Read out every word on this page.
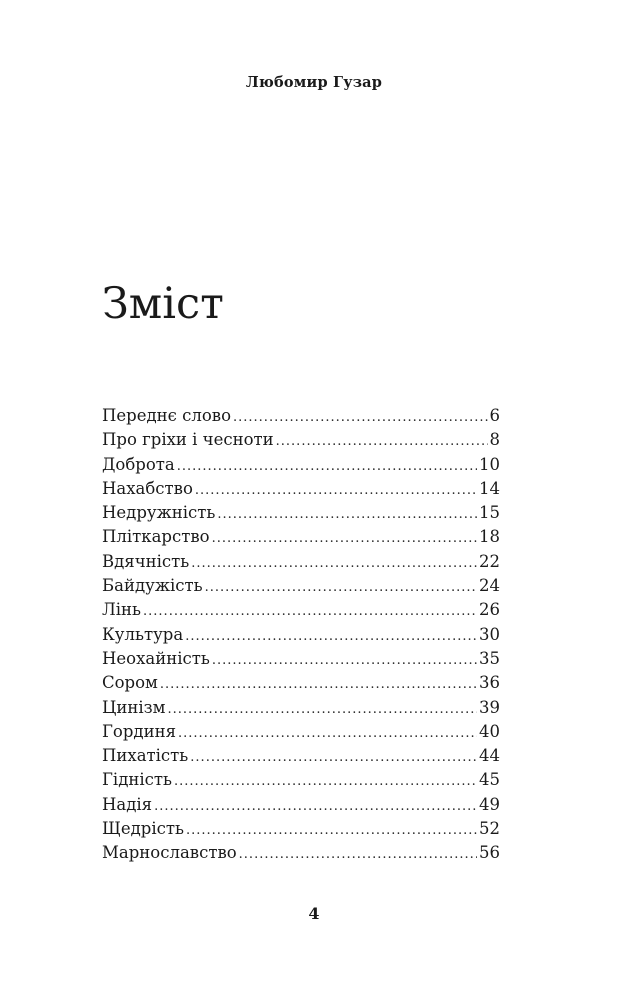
Любомир Гузар
Зміст
Переднє слово .....	6
Про гріхи і чесноти .....	8
Доброта .....	10
Нахабство .....	14
Недружність .....	15
Пліткарство .....	18
Вдячність .....	22
Байдужість .....	24
Лінь .....	26
Культура .....	30
Неохайність .....	35
Сором .....	36
Цинізм .....	39
Гординя .....	40
Пихатість .....	44
Гідність .....	45
Надія .....	49
Щедрість .....	52
Марнославство .....	56
4
